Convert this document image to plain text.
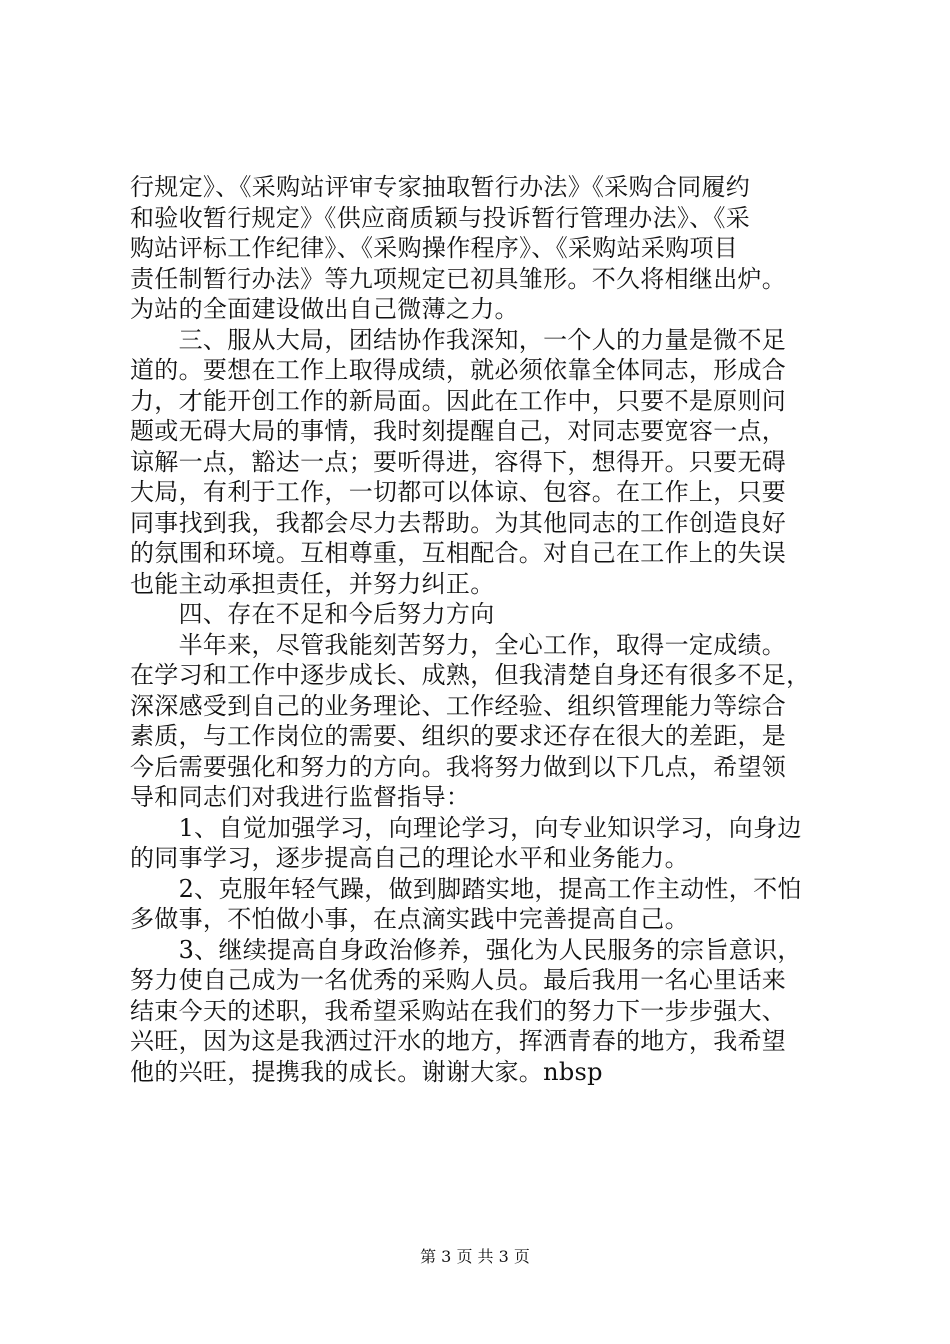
行规定》、《采购站评审专家抽取暂行办法》《采购合同履约
和验收暂行规定》《供应商质颖与投诉暂行管理办法》、《采
购站评标工作纪律》、《采购操作程序》、《采购站采购项目
责任制暂行办法》等九项规定已初具雏形。不久将相继出炉。
为站的全面建设做出自己微薄之力。
　　三、服从大局，团结协作我深知，一个人的力量是微不足
道的。要想在工作上取得成绩，就必须依靠全体同志，形成合
力，才能开创工作的新局面。因此在工作中，只要不是原则问
题或无碍大局的事情，我时刻提醒自己，对同志要宽容一点，
谅解一点，豁达一点；要听得进，容得下，想得开。只要无碍
大局，有利于工作，一切都可以体谅、包容。在工作上，只要
同事找到我，我都会尽力去帮助。为其他同志的工作创造良好
的氛围和环境。互相尊重，互相配合。对自己在工作上的失误
也能主动承担责任，并努力纠正。
　　四、存在不足和今后努力方向
　　半年来，尽管我能刻苦努力，全心工作，取得一定成绩。
在学习和工作中逐步成长、成熟，但我清楚自身还有很多不足，
深深感受到自己的业务理论、工作经验、组织管理能力等综合
素质，与工作岗位的需要、组织的要求还存在很大的差距，是
今后需要强化和努力的方向。我将努力做到以下几点，希望领
导和同志们对我进行监督指导：
　　1、自觉加强学习，向理论学习，向专业知识学习，向身边
的同事学习，逐步提高自己的理论水平和业务能力。
　　2、克服年轻气躁，做到脚踏实地，提高工作主动性，不怕
多做事，不怕做小事，在点滴实践中完善提高自己。
　　3、继续提高自身政治修养，强化为人民服务的宗旨意识，
努力使自己成为一名优秀的采购人员。最后我用一名心里话来
结束今天的述职，我希望采购站在我们的努力下一步步强大、
兴旺，因为这是我洒过汗水的地方，挥洒青春的地方，我希望
他的兴旺，提携我的成长。谢谢大家。nbsp
第 3 页 共 3 页
